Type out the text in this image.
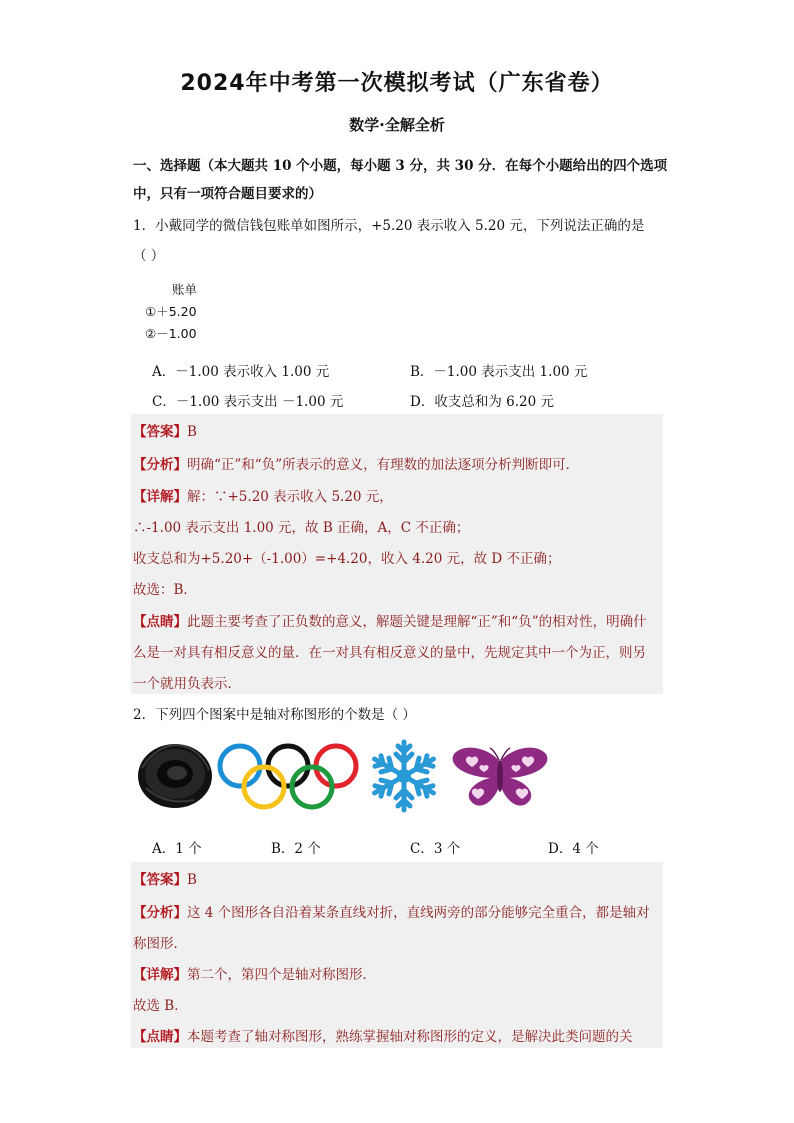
2024年中考第一次模拟考试（广东省卷）
数学·全解全析
一、选择题（本大题共 10 个小题，每小题 3 分，共 30 分．在每个小题给出的四个选项
中，只有一项符合题目要求的）
1．小戴同学的微信钱包账单如图所示，+5.20 表示收入 5.20 元，下列说法正确的是
（ ）
账单
①＋5.20
②－1.00
A．－1.00 表示收入 1.00 元	B．－1.00 表示支出 1.00 元
C．－1.00 表示支出 －1.00 元	D．收支总和为 6.20 元
【答案】B
【分析】明确“正”和“负”所表示的意义，有理数的加法逐项分析判断即可．
【详解】解：∵+5.20 表示收入 5.20 元，
∴-1.00 表示支出 1.00 元，故 B 正确，A，C 不正确；
收支总和为+5.20+（-1.00）=+4.20，收入 4.20 元，故 D 不正确；
故选：B．
【点睛】此题主要考查了正负数的意义，解题关键是理解“正”和“负”的相对性，明确什
么是一对具有相反意义的量．在一对具有相反意义的量中，先规定其中一个为正，则另
一个就用负表示．
2．下列四个图案中是轴对称图形的个数是（ ）
A．1 个	B．2 个	C．3 个	D．4 个
【答案】B
【分析】这 4 个图形各自沿着某条直线对折，直线两旁的部分能够完全重合，都是轴对
称图形．
【详解】第二个，第四个是轴对称图形．
故选 B．
【点睛】本题考查了轴对称图形，熟练掌握轴对称图形的定义，是解决此类问题的关
